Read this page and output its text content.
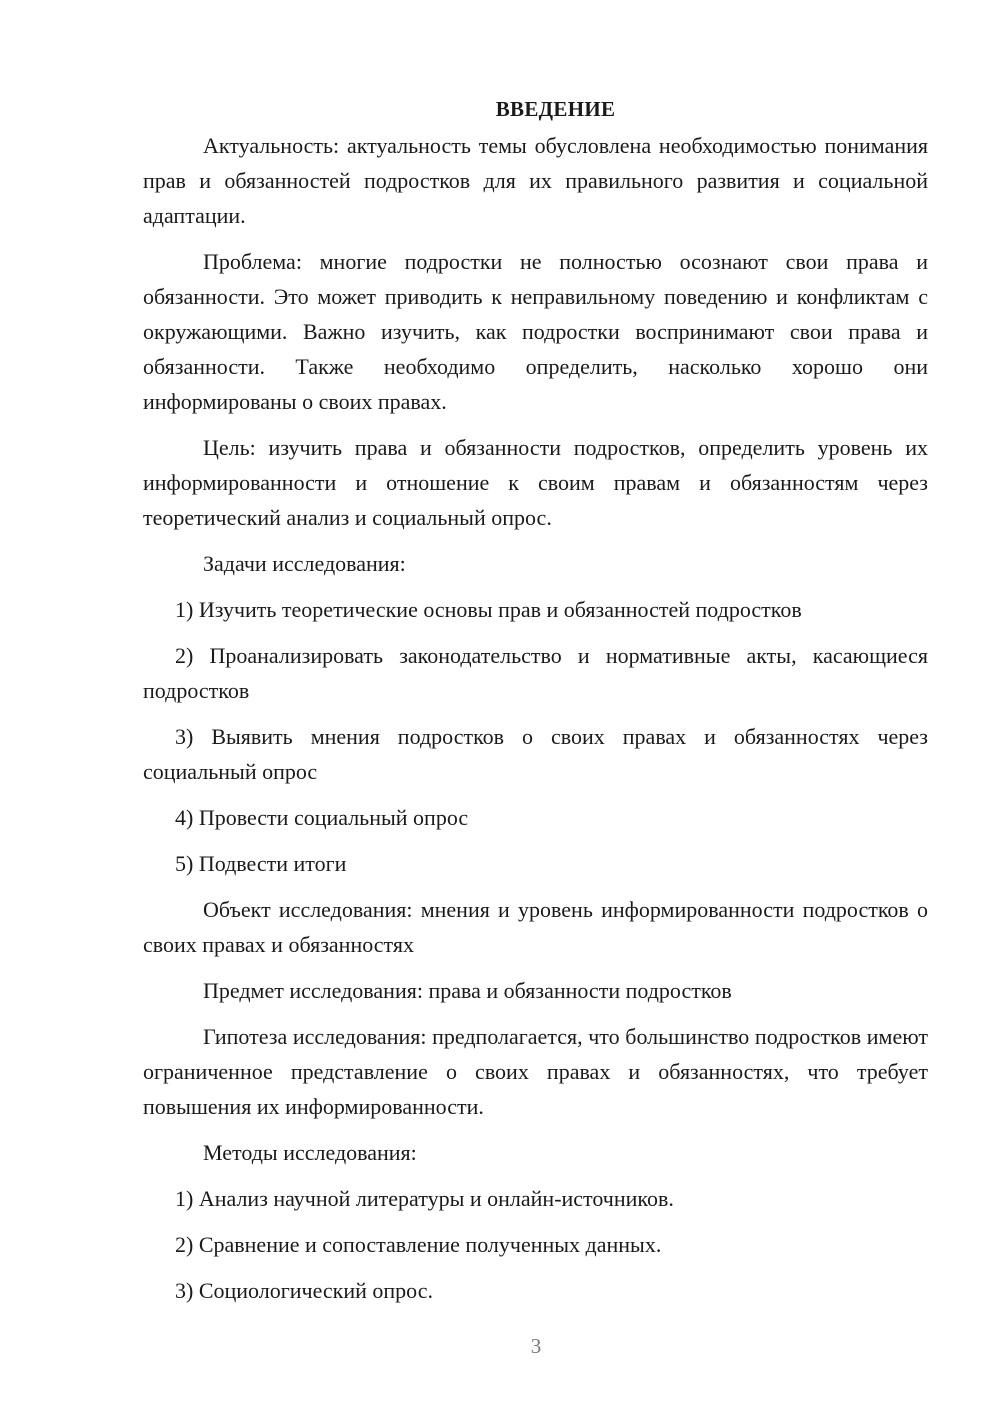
ВВЕДЕНИЕ

Актуальность: актуальность темы обусловлена необходимостью понимания прав и обязанностей подростков для их правильного развития и социальной адаптации.

Проблема: многие подростки не полностью осознают свои права и обязанности. Это может приводить к неправильному поведению и конфликтам с окружающими. Важно изучить, как подростки воспринимают свои права и обязанности. Также необходимо определить, насколько хорошо они информированы о своих правах.

Цель: изучить права и обязанности подростков, определить уровень их информированности и отношение к своим правам и обязанностям через теоретический анализ и социальный опрос.

Задачи исследования:

1) Изучить теоретические основы прав и обязанностей подростков

2) Проанализировать законодательство и нормативные акты, касающиеся подростков

3) Выявить мнения подростков о своих правах и обязанностях через социальный опрос

4) Провести социальный опрос

5) Подвести итоги

Объект исследования: мнения и уровень информированности подростков о своих правах и обязанностях

Предмет исследования: права и обязанности подростков

Гипотеза исследования: предполагается, что большинство подростков имеют ограниченное представление о своих правах и обязанностях, что требует повышения их информированности.

Методы исследования:

1) Анализ научной литературы и онлайн-источников.

2) Сравнение и сопоставление полученных данных.

3) Социологический опрос.

3
